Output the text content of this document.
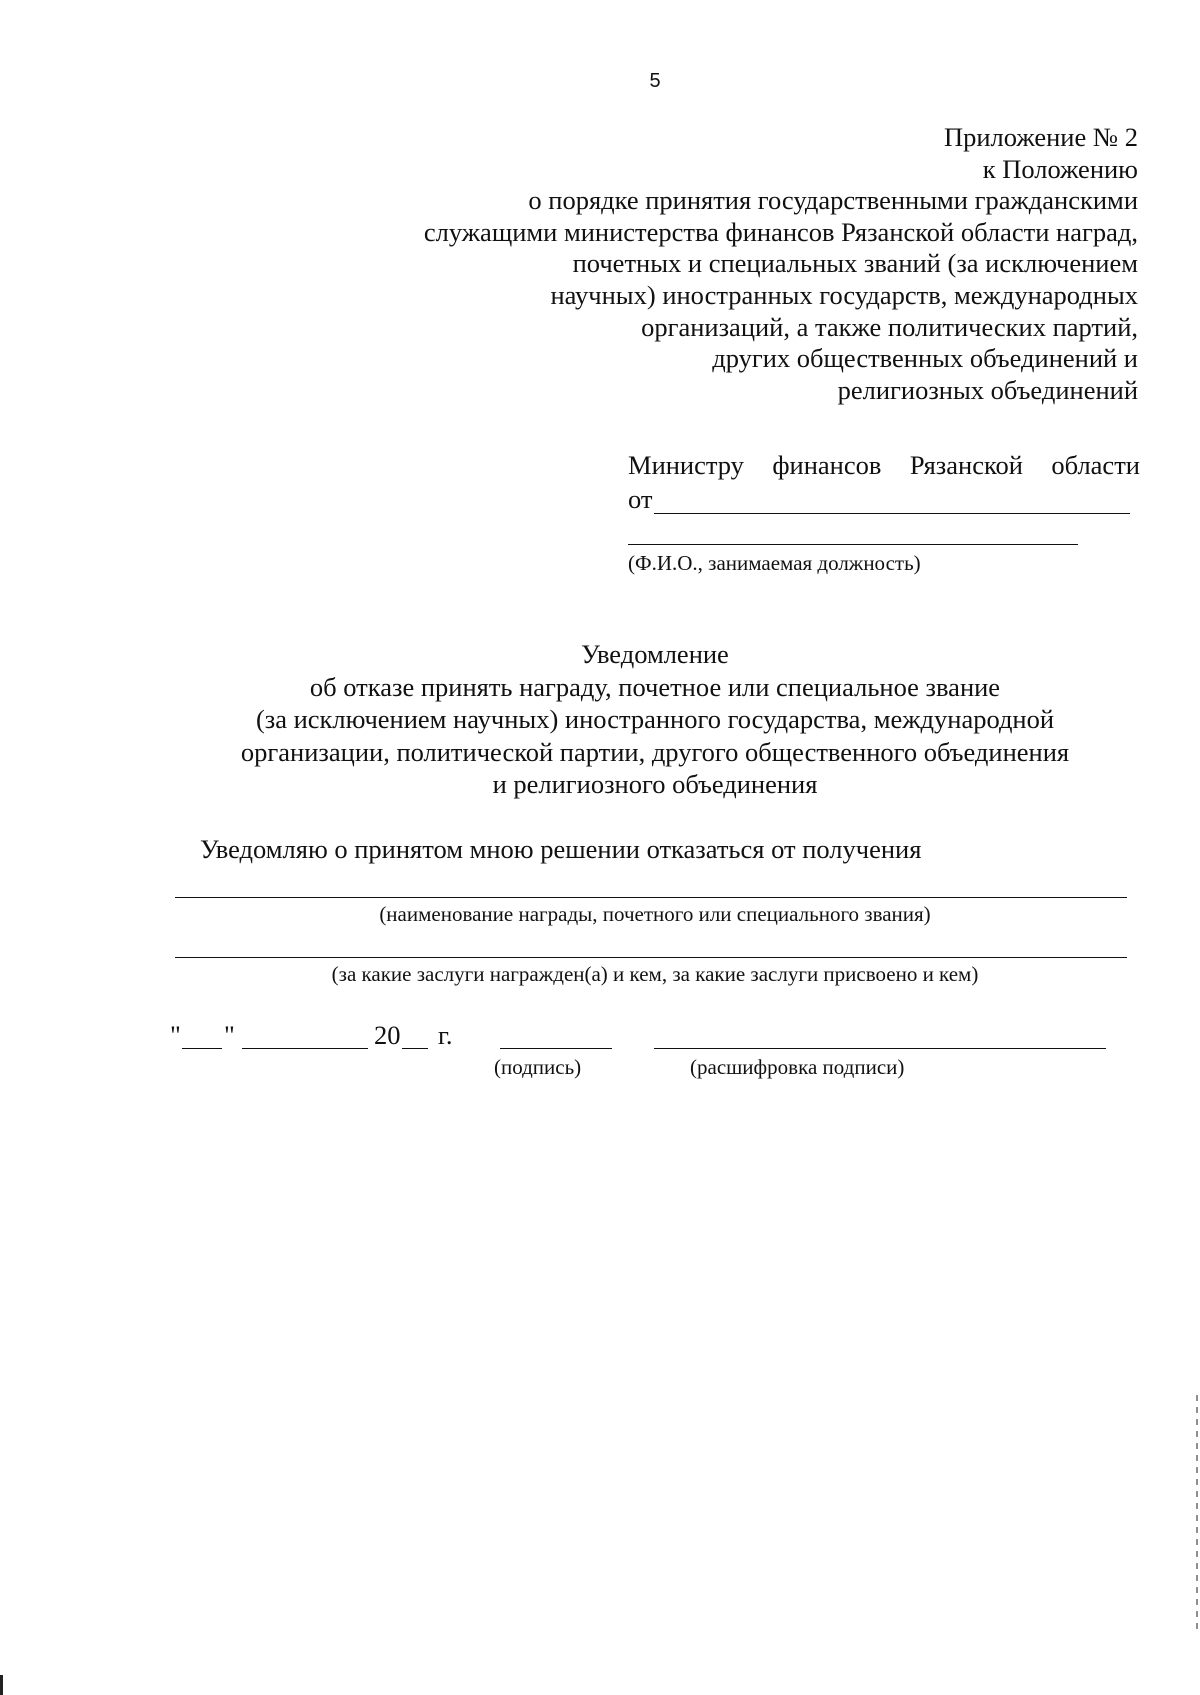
5
Приложение № 2
к Положению
о порядке принятия государственными гражданскими
служащими министерства финансов Рязанской области наград,
почетных и специальных званий (за исключением
научных) иностранных государств, международных
организаций, а также политических партий,
других общественных объединений и
религиозных объединений
Министру финансов Рязанской области
от
(Ф.И.О., занимаемая должность)
Уведомление
об отказе принять награду, почетное или специальное звание
(за исключением научных) иностранного государства, международной
организации, политической партии, другого общественного объединения
и религиозного объединения
Уведомляю о принятом мною решении отказаться от получения
(наименование награды, почетного или специального звания)
(за какие заслуги награжден(а) и кем, за какие заслуги присвоено и кем)
" "	20 г.
(подпись)	(расшифровка подписи)
